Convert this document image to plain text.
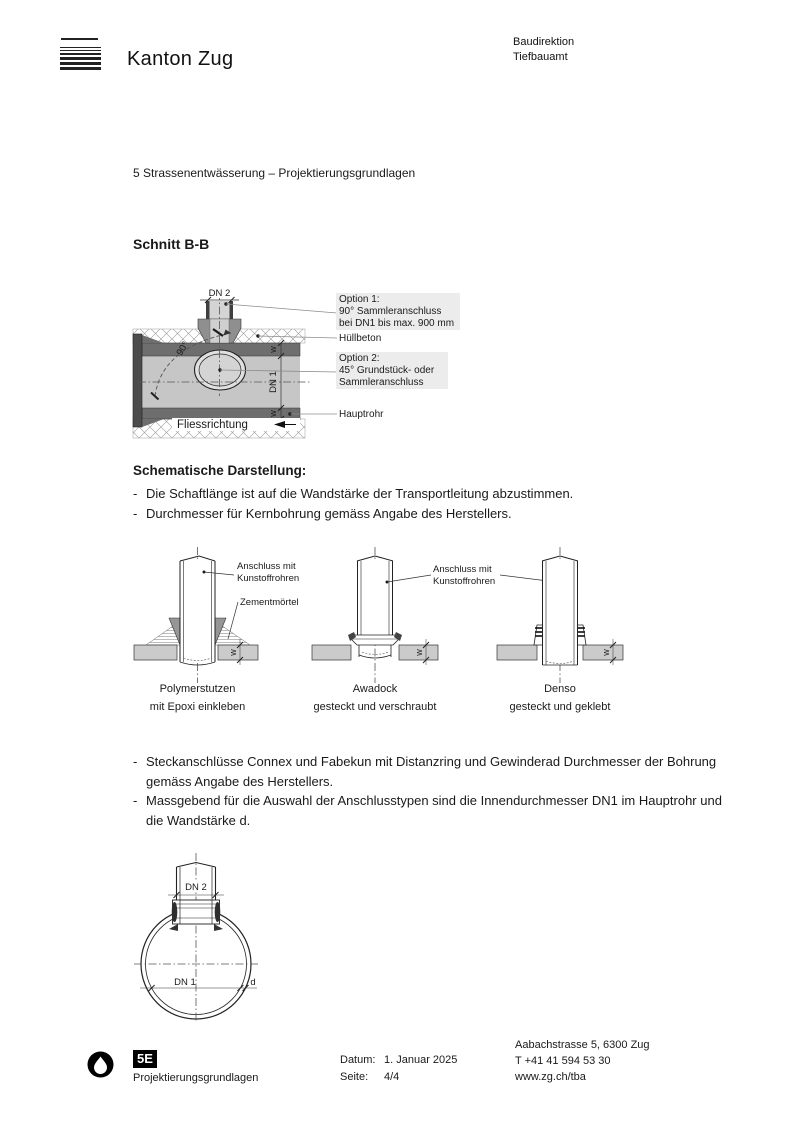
Kanton Zug
Baudirektion
Tiefbauamt
5 Strassenentwässerung – Projektierungsgrundlagen
Schnitt B-B
DN 2
w
DN 1
w
90°
Fliessrichtung
Option 1:
90° Sammleranschluss
bei DN1 bis max. 900 mm
Hüllbeton
Option 2:
45° Grundstück- oder
Sammleranschluss
Hauptrohr
Schematische Darstellung:
- Die Schaftlänge ist auf die Wandstärke der Transportleitung abzustimmen.
- Durchmesser für Kernbohrung gemäss Angabe des Herstellers.
w
Anschluss mit
Kunstoffrohren
Zementmörtel
Polymerstutzen
mit Epoxi einkleben
w
Awadock
gesteckt und verschraubt
Anschluss mit
Kunstoffrohren
w
Denso
gesteckt und geklebt
- Steckanschlüsse Connex und Fabekun mit Distanzring und Gewinderad Durchmesser der Bohrung gemäss Angabe des Herstellers.
- Massgebend für die Auswahl der Anschlusstypen sind die Innendurchmesser DN1 im Hauptrohr und die Wandstärke d.
DN 2
DN 1	d
5E
Projektierungsgrundlagen
Datum: 1. Januar 2025
Seite:	4/4
Aabachstrasse 5, 6300 Zug
T +41 41 594 53 30
www.zg.ch/tba
